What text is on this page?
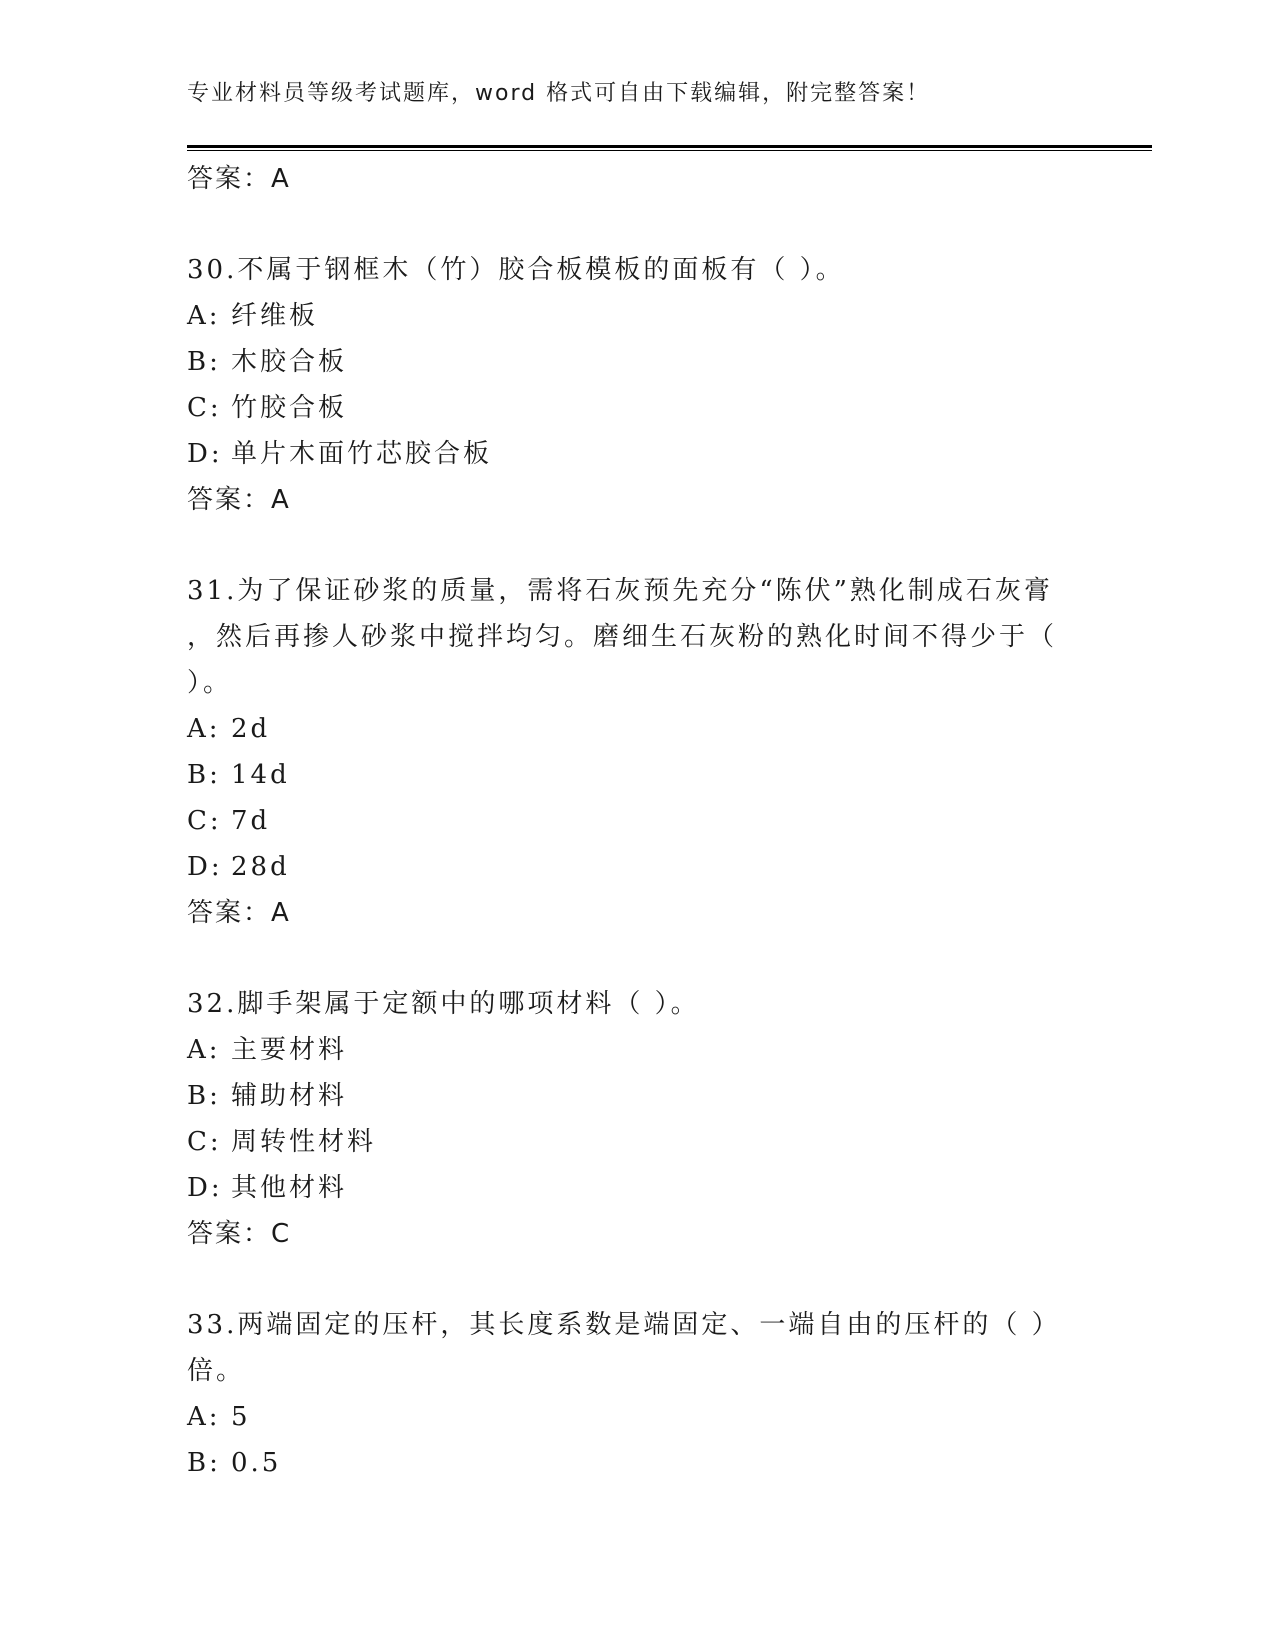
专业材料员等级考试题库，word 格式可自由下载编辑，附完整答案！
答案：A
30.不属于钢框木（竹）胶合板模板的面板有（ ）。
A: 纤维板
B: 木胶合板
C: 竹胶合板
D: 单片木面竹芯胶合板
答案：A
31.为了保证砂浆的质量，需将石灰预先充分“陈伏”熟化制成石灰膏
，然后再掺人砂浆中搅拌均匀。磨细生石灰粉的熟化时间不得少于（
）。
A: 2d
B: 14d
C: 7d
D: 28d
答案：A
32.脚手架属于定额中的哪项材料（ ）。
A: 主要材料
B: 辅助材料
C: 周转性材料
D: 其他材料
答案：C
33.两端固定的压杆，其长度系数是端固定、一端自由的压杆的（ ）
倍。
A: 5
B: 0.5
